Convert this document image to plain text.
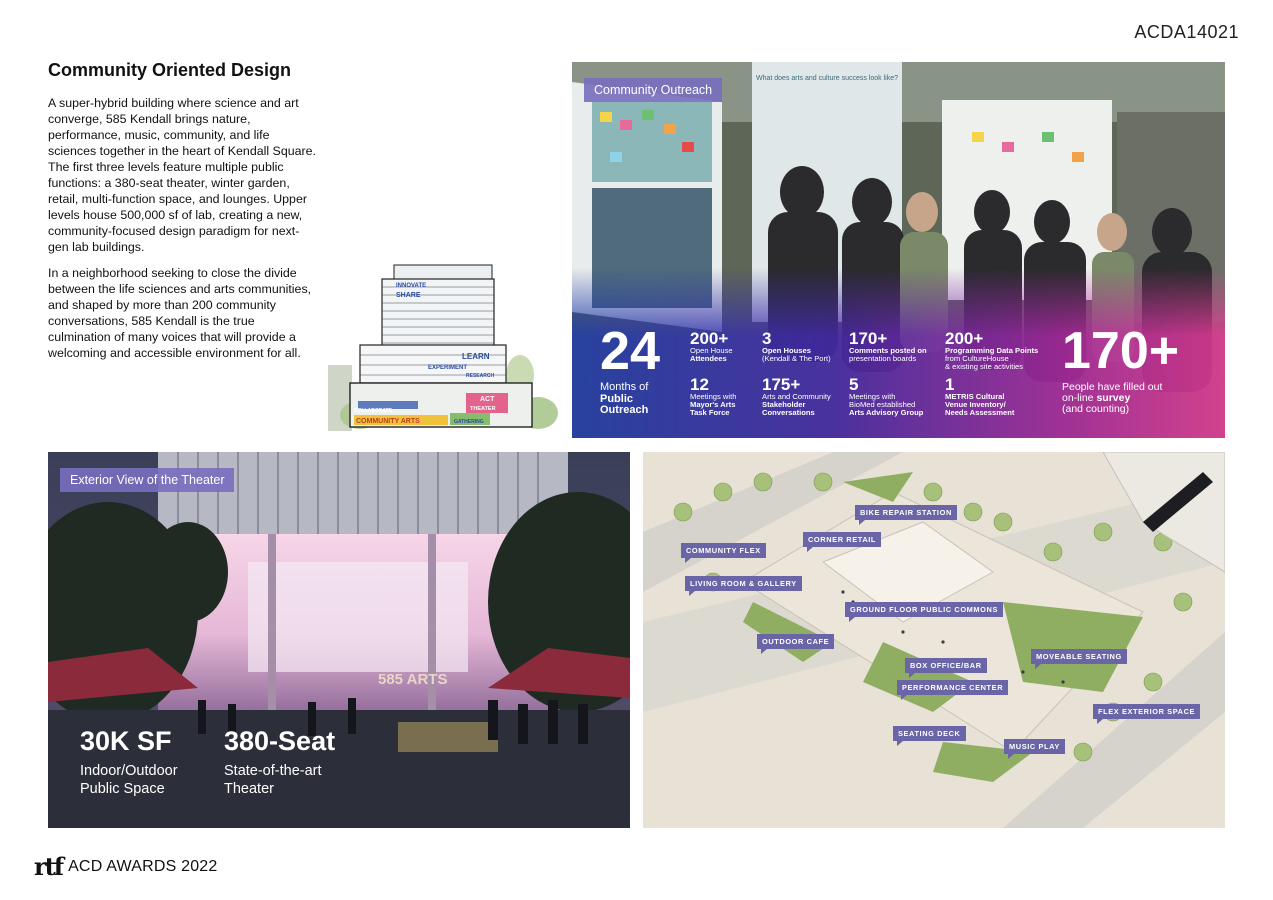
ACDA14021
Community Oriented Design

A super-hybrid building where science and art converge, 585 Kendall brings nature, performance, music, community, and life sciences together in the heart of Kendall Square. The first three levels feature multiple public functions: a 380-seat theater, winter garden, retail, multi-function space, and lounges. Upper levels house 500,000 sf of lab, creating a new, community-focused design paradigm for next-gen lab buildings.

In a neighborhood seeking to close the divide between the life sciences and arts communities, and shaped by more than 200 community conversations, 585 Kendall is the true culmination of many voices that will provide a welcoming and accessible environment for all.

INNOVATE
SHARE
LEARN
EXPERIMENT
RESEARCH
COLLABORATE
ACT
THEATER
COMMUNITY ARTS	GATHERING
What does arts and culture success look like?
Community Outreach
24
Months of
Public
Outreach
200+
Open House
Attendees
3
Open Houses
(Kendall & The Port)
170+
Comments posted on
presentation boards
200+
Programming Data Points
from CultureHouse
& existing site activities
12
Meetings with
Mayor's Arts
Task Force
175+
Arts and Community
Stakeholder
Conversations
5
Meetings with
BioMed established
Arts Advisory Group
1
METRIS Cultural
Venue Inventory/
Needs Assessment
170+
People have filled out
on-line survey
(and counting)
585 ARTS
Exterior View of the Theater
30K SF
Indoor/Outdoor
Public Space
380-Seat
State-of-the-art
Theater
BIKE REPAIR STATION
CORNER RETAIL
COMMUNITY FLEX
LIVING ROOM & GALLERY
GROUND FLOOR PUBLIC COMMONS
OUTDOOR CAFE
BOX OFFICE/BAR
MOVEABLE SEATING
PERFORMANCE CENTER
FLEX EXTERIOR SPACE
SEATING DECK
MUSIC PLAY
rtf ACD AWARDS 2022
